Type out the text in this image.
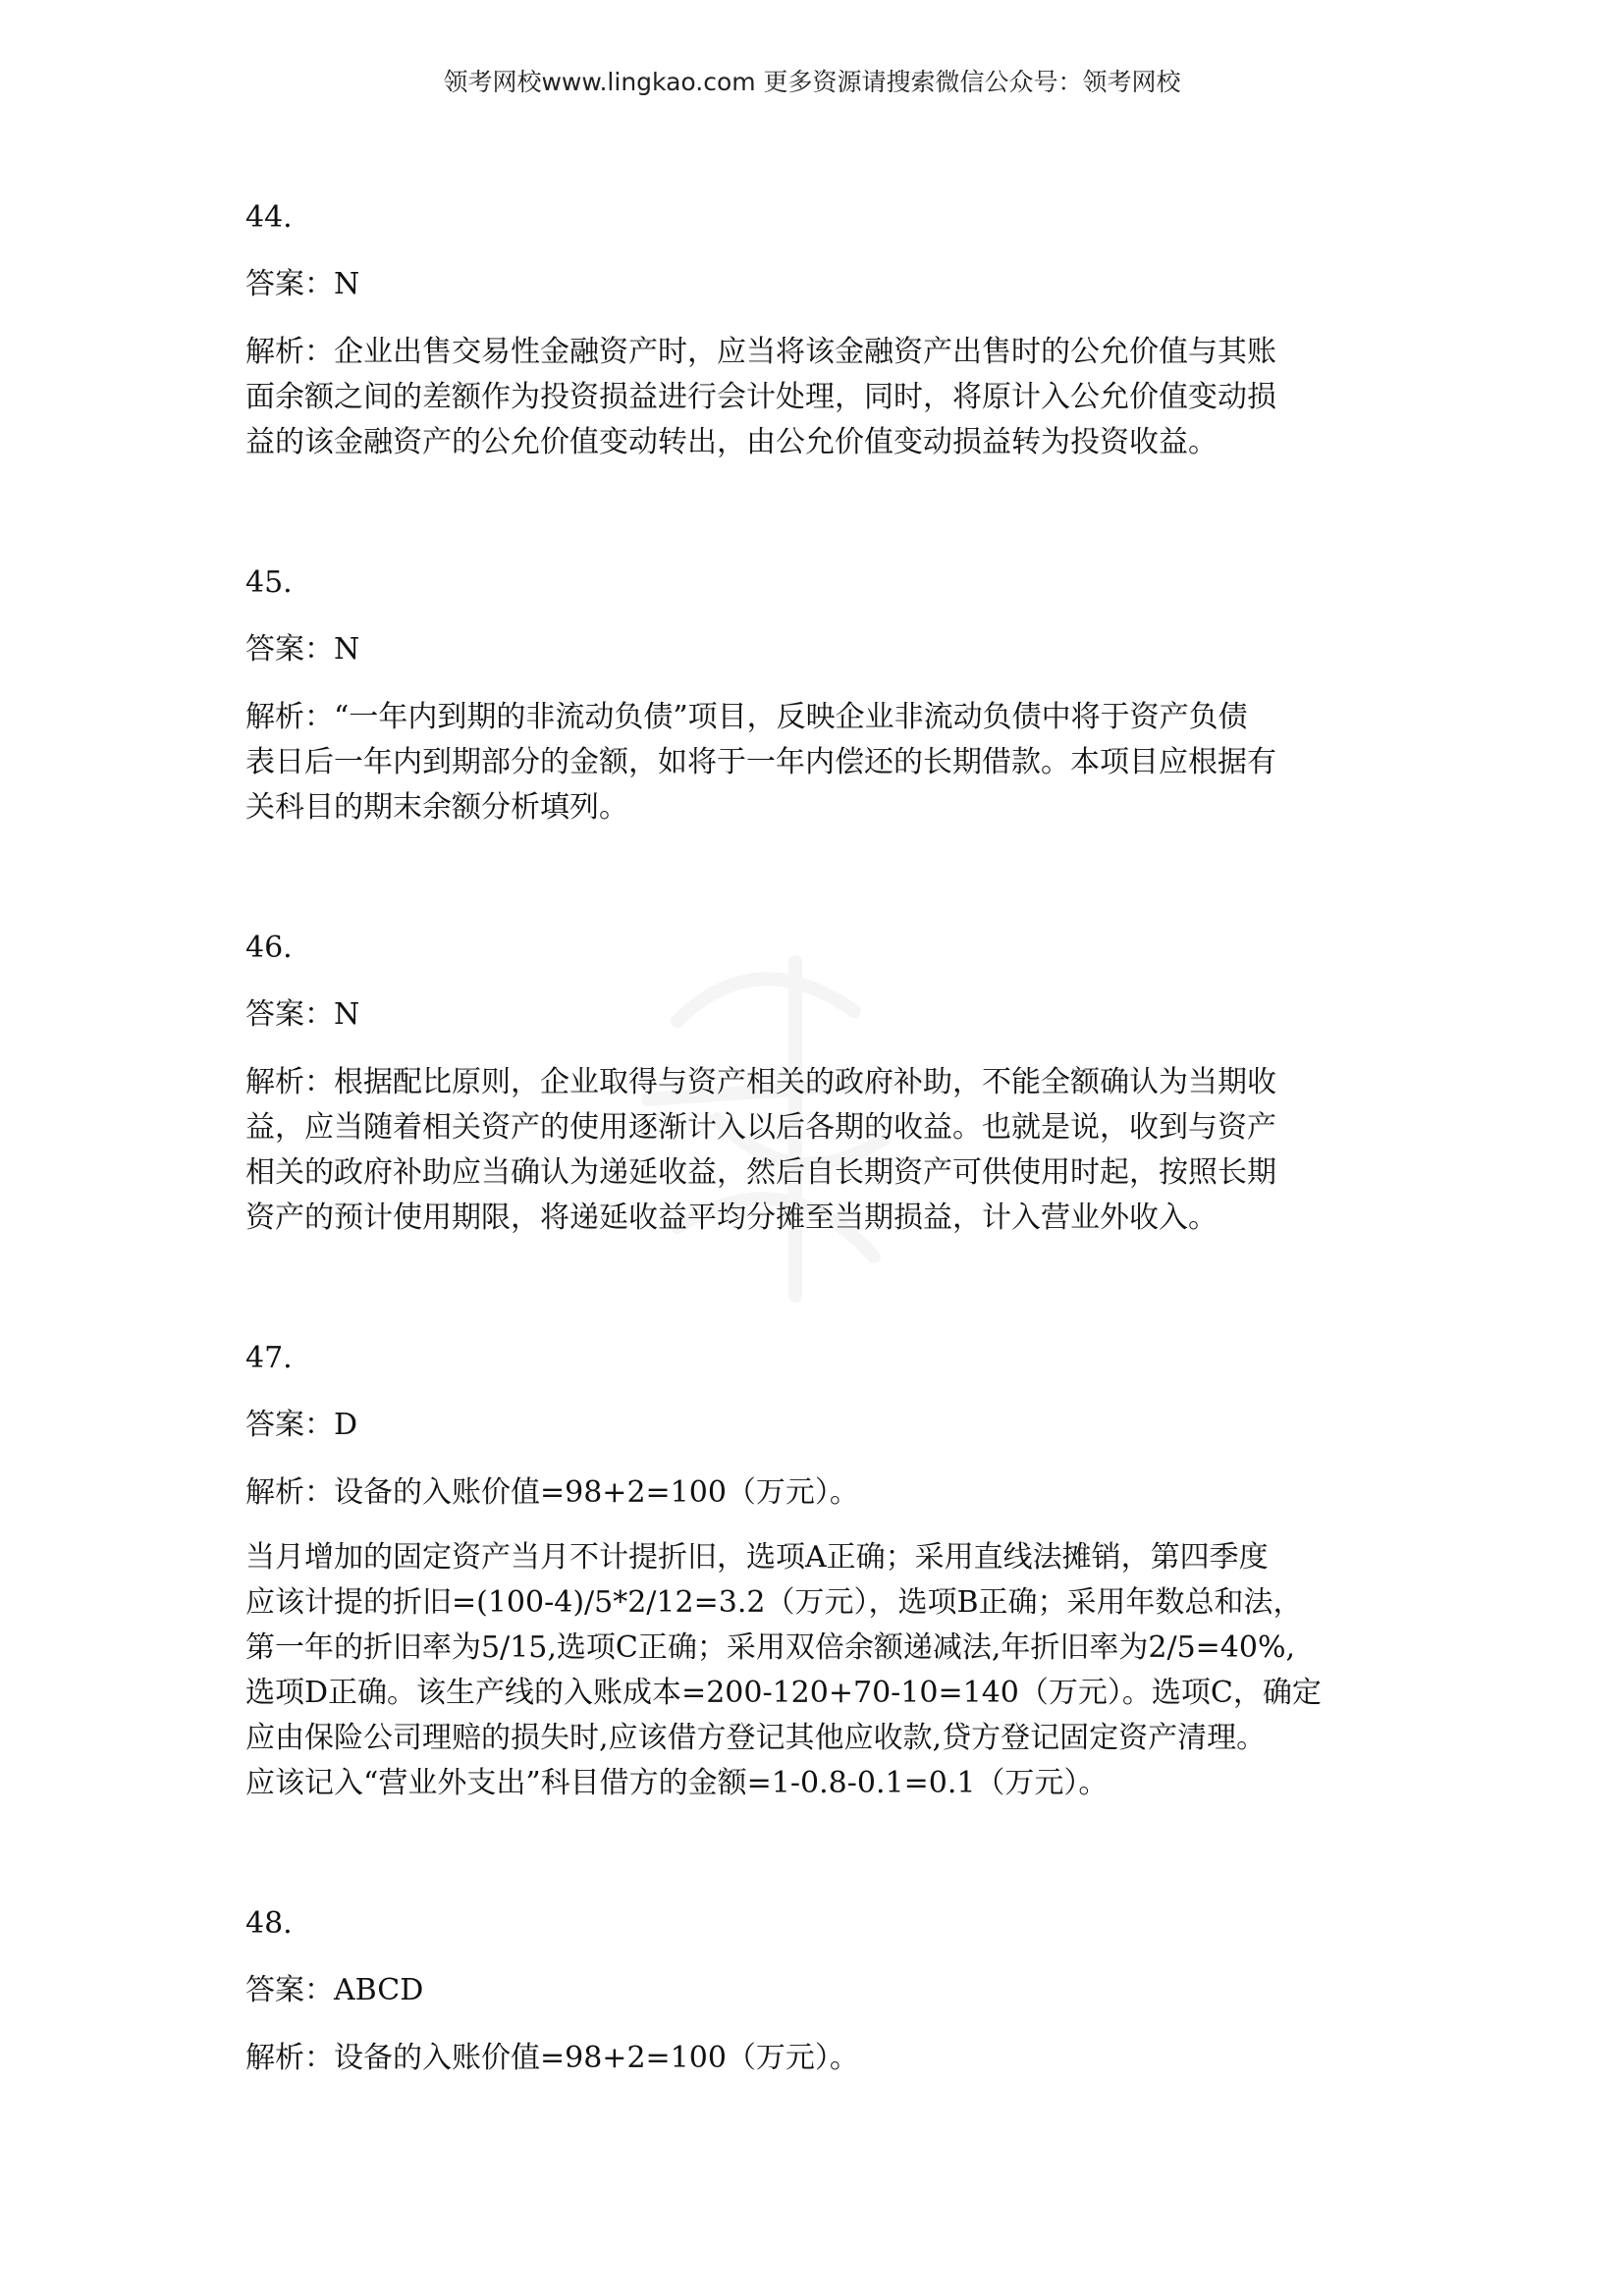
领考网校www.lingkao.com 更多资源请搜索微信公众号：领考网校
44.
答案：N
解析：企业出售交易性金融资产时，应当将该金融资产出售时的公允价值与其账
面余额之间的差额作为投资损益进行会计处理，同时，将原计入公允价值变动损
益的该金融资产的公允价值变动转出，由公允价值变动损益转为投资收益。
45.
答案：N
解析：“一年内到期的非流动负债”项目，反映企业非流动负债中将于资产负债
表日后一年内到期部分的金额，如将于一年内偿还的长期借款。本项目应根据有
关科目的期末余额分析填列。
46.
答案：N
解析：根据配比原则，企业取得与资产相关的政府补助，不能全额确认为当期收
益，应当随着相关资产的使用逐渐计入以后各期的收益。也就是说，收到与资产
相关的政府补助应当确认为递延收益，然后自长期资产可供使用时起，按照长期
资产的预计使用期限，将递延收益平均分摊至当期损益，计入营业外收入。
47.
答案：D
解析：设备的入账价值=98+2=100（万元）。
当月增加的固定资产当月不计提折旧，选项A正确；采用直线法摊销，第四季度
应该计提的折旧=(100-4)/5*2/12=3.2（万元），选项B正确；采用年数总和法，
第一年的折旧率为5/15,选项C正确；采用双倍余额递减法,年折旧率为2/5=40%,
选项D正确。该生产线的入账成本=200-120+70-10=140（万元）。选项C，确定
应由保险公司理赔的损失时,应该借方登记其他应收款,贷方登记固定资产清理。
应该记入“营业外支出”科目借方的金额=1-0.8-0.1=0.1（万元）。
48.
答案：ABCD
解析：设备的入账价值=98+2=100（万元）。
